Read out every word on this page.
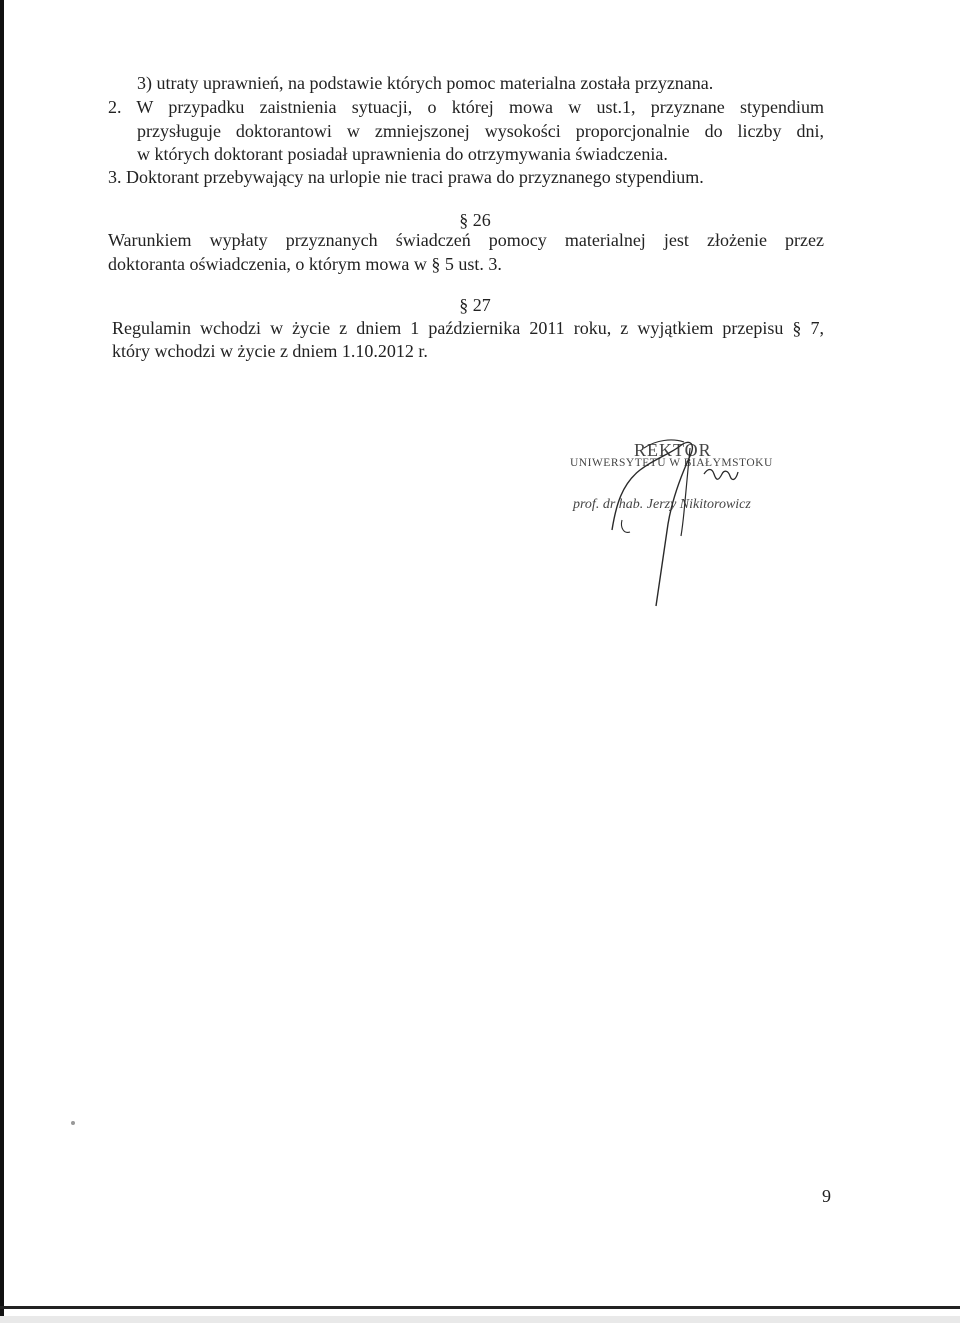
3) utraty uprawnień, na podstawie których pomoc materialna została przyznana.
2. W przypadku zaistnienia sytuacji, o której mowa w ust.1, przyznane stypendium
przysługuje doktorantowi w zmniejszonej wysokości proporcjonalnie do liczby dni,
w których doktorant posiadał uprawnienia do otrzymywania świadczenia.
3. Doktorant przebywający na urlopie nie traci prawa do przyznanego stypendium.
§ 26
Warunkiem wypłaty przyznanych świadczeń pomocy materialnej jest złożenie przez
doktoranta oświadczenia, o którym mowa w § 5 ust. 3.
§ 27
Regulamin wchodzi w życie z dniem 1 października 2011 roku, z wyjątkiem przepisu § 7,
który wchodzi w życie z dniem 1.10.2012 r.
REKTOR
UNIWERSYTETU W BIAŁYMSTOKU
prof. dr hab. Jerzy Nikitorowicz
9
